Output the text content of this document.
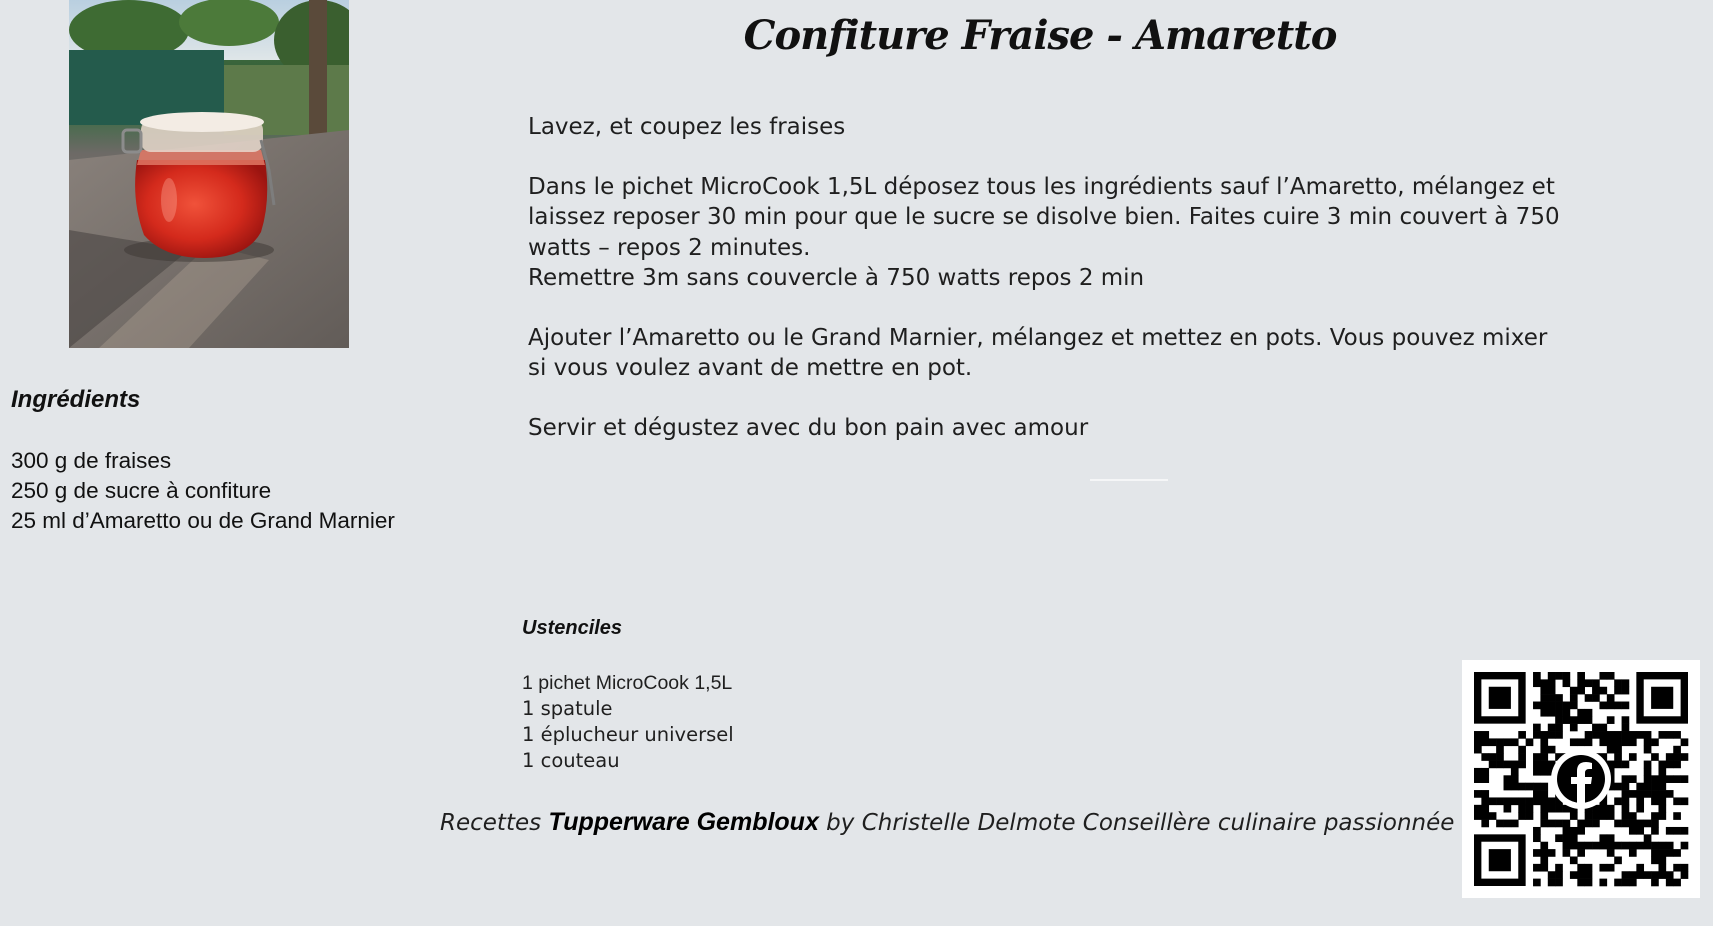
Confiture Fraise - Amaretto

Lavez, et coupez les fraises

Dans le pichet MicroCook 1,5L déposez tous les ingrédients sauf l’Amaretto, mélangez et laissez reposer 30 min pour que le sucre se disolve bien. Faites cuire 3 min couvert à 750 watts – repos 2 minutes.

Remettre 3m sans couvercle à 750 watts repos 2 min

Ajouter l’Amaretto ou le Grand Marnier, mélangez et mettez en pots. Vous pouvez mixer si vous voulez avant de mettre en pot.

Servir et dégustez avec du bon pain avec amour

Ingrédients
300 g de fraises
250 g de sucre à confiture
25 ml d’Amaretto ou de Grand Marnier
Ustenciles
1 pichet MicroCook 1,5L
1 spatule
1 éplucheur universel
1 couteau
Recettes Tupperware Gembloux by Christelle Delmote Conseillère culinaire passionnée
